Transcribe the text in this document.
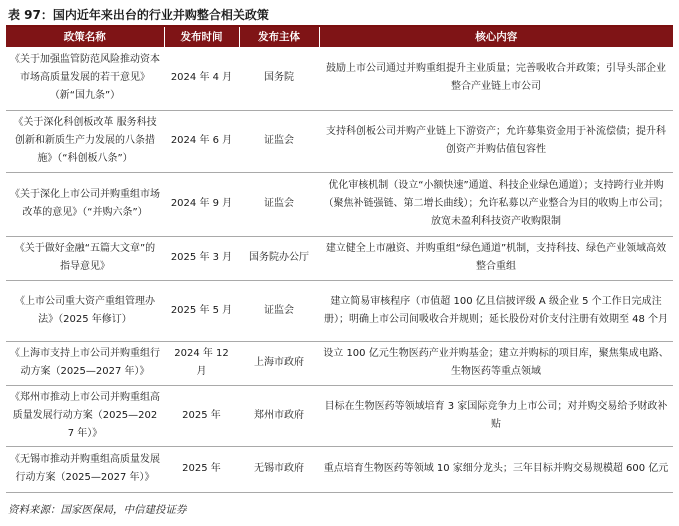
表 97：国内近年来出台的行业并购整合相关政策
政策名称	发布时间	发布主体	核心内容
《关于加强监管防范风险推动资本市场高质量发展的若干意见》（新“国九条”）	2024 年 4 月	国务院	鼓励上市公司通过并购重组提升主业质量；完善吸收合并政策；引导头部企业整合产业链上市公司
《关于深化科创板改革 服务科技创新和新质生产力发展的八条措施》（“科创板八条”）	2024 年 6 月	证监会	支持科创板公司并购产业链上下游资产；允许募集资金用于补流偿债；提升科创资产并购估值包容性
《关于深化上市公司并购重组市场改革的意见》（“并购六条”）	2024 年 9 月	证监会	优化审核机制（设立“小额快速”通道、科技企业绿色通道）；支持跨行业并购（聚焦补链强链、第二增长曲线）；允许私募以产业整合为目的收购上市公司；放宽未盈利科技资产收购限制
《关于做好金融“五篇大文章”的指导意见》	2025 年 3 月	国务院办公厅	建立健全上市融资、并购重组“绿色通道”机制，支持科技、绿色产业领域高效整合重组
《上市公司重大资产重组管理办法》（2025 年修订）	2025 年 5 月	证监会	建立简易审核程序（市值超 100 亿且信披评级 A 级企业 5 个工作日完成注册）；明确上市公司间吸收合并规则；延长股份对价支付注册有效期至 48 个月
《上海市支持上市公司并购重组行动方案（2025—2027 年）》	2024 年 12 月	上海市政府	设立 100 亿元生物医药产业并购基金；建立并购标的项目库，聚焦集成电路、生物医药等重点领域
《郑州市推动上市公司并购重组高质量发展行动方案（2025—2027 年）》	2025 年	郑州市政府	目标在生物医药等领域培育 3 家国际竞争力上市公司；对并购交易给予财政补贴
《无锡市推动并购重组高质量发展行动方案（2025—2027 年）》	2025 年	无锡市政府	重点培育生物医药等领域 10 家细分龙头；三年目标并购交易规模超 600 亿元
资料来源：国家医保局，中信建投证券
